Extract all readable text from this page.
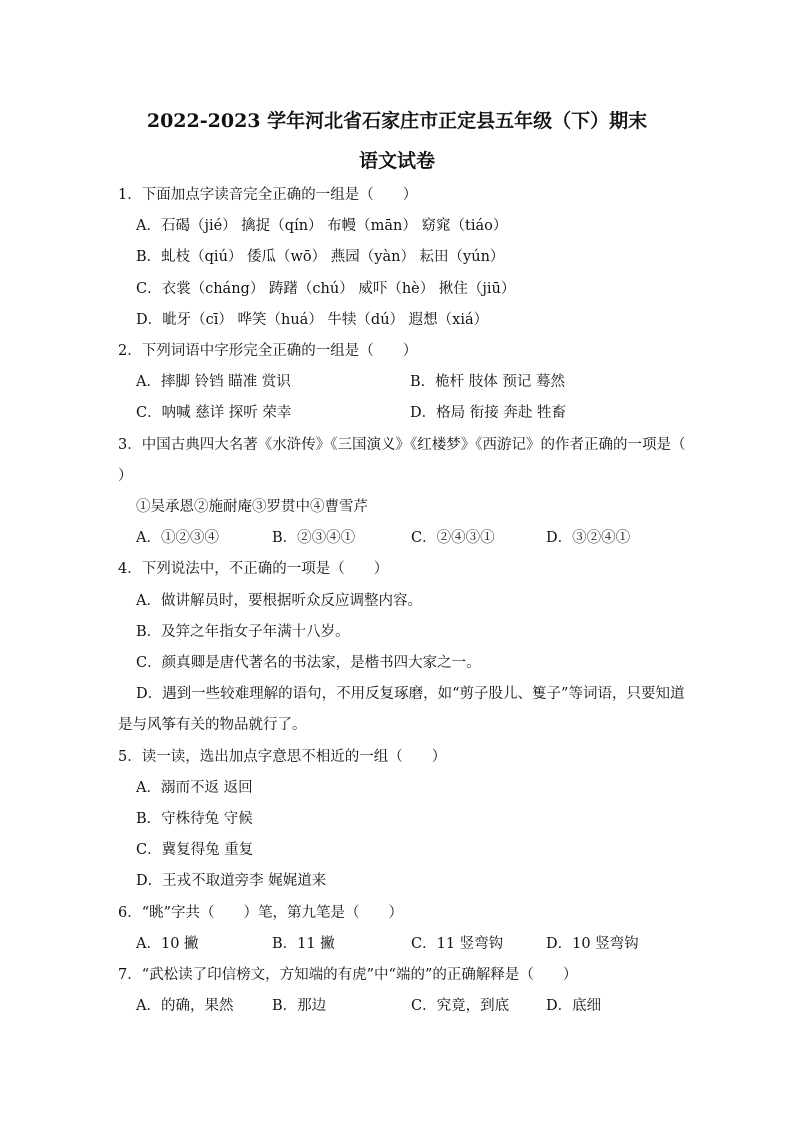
2022-2023 学年河北省石家庄市正定县五年级（下）期末
语文试卷
1．下面加点字读音完全正确的一组是（　　）
A．石碣（jié） 擒捉（qín） 布幔（mān） 窈窕（tiáo）
B．虬枝（qiú） 倭瓜（wō） 燕园（yàn） 耘田（yún）
C．衣裳（cháng） 踌躇（chú） 威吓（hè） 揪住（jiū）
D．呲牙（cī） 哗笑（huá） 牛犊（dú） 遐想（xiá）
2．下列词语中字形完全正确的一组是（　　）
A．摔脚 铃铛 瞄准 赏识	B．桅杆 肢体 预记 蓦然
C．呐喊 慈详 探听 荣幸	D．格局 衔接 奔赴 牲畜
3．中国古典四大名著《水浒传》《三国演义》《红楼梦》《西游记》的作者正确的一项是（
）
①吴承恩②施耐庵③罗贯中④曹雪芹
A．①②③④	B．②③④①	C．②④③①	D．③②④①
4．下列说法中，不正确的一项是（　　）
A．做讲解员时，要根据听众反应调整内容。
B．及笄之年指女子年满十八岁。
C．颜真卿是唐代著名的书法家，是楷书四大家之一。
D．遇到一些较难理解的语句，不用反复琢磨，如“剪子股儿、篗子”等词语，只要知道
是与风筝有关的物品就行了。
5．读一读，选出加点字意思不相近的一组（　　）
A．溺而不返 返回
B．守株待兔 守候
C．冀复得兔 重复
D．王戎不取道旁李 娓娓道来
6．“眺”字共（　　）笔，第九笔是（　　）
A．10 撇	B．11 撇	C．11 竖弯钩	D．10 竖弯钩
7．“武松读了印信榜文，方知端的有虎”中“端的”的正确解释是（　　）
A．的确，果然	B．那边	C．究竟，到底	D．底细
